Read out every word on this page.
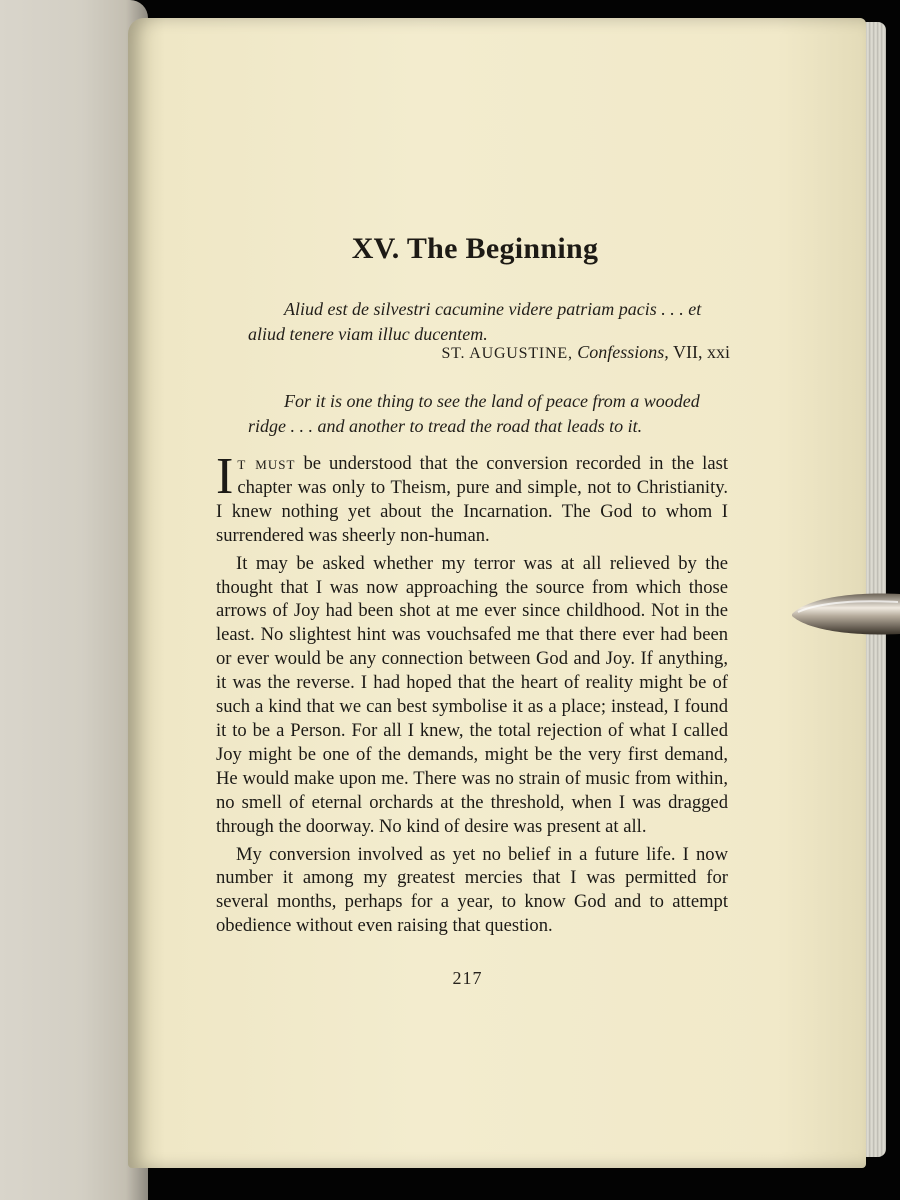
XV. The Beginning

Aliud est de silvestri cacumine videre patriam pacis . . . et aliud tenere viam illuc ducentem.

ST. AUGUSTINE, Confessions, VII, xxi

For it is one thing to see the land of peace from a wooded ridge . . . and another to tread the road that leads to it.

It must be understood that the conversion recorded in the last chapter was only to Theism, pure and simple, not to Christianity. I knew nothing yet about the Incarnation. The God to whom I surrendered was sheerly non-human.

It may be asked whether my terror was at all relieved by the thought that I was now approaching the source from which those arrows of Joy had been shot at me ever since childhood. Not in the least. No slightest hint was vouchsafed me that there ever had been or ever would be any connection between God and Joy. If anything, it was the reverse. I had hoped that the heart of reality might be of such a kind that we can best symbolise it as a place; instead, I found it to be a Person. For all I knew, the total rejection of what I called Joy might be one of the demands, might be the very first demand, He would make upon me. There was no strain of music from within, no smell of eternal orchards at the threshold, when I was dragged through the doorway. No kind of desire was present at all.

My conversion involved as yet no belief in a future life. I now number it among my greatest mercies that I was permitted for several months, perhaps for a year, to know God and to attempt obedience without even raising that question.

217
